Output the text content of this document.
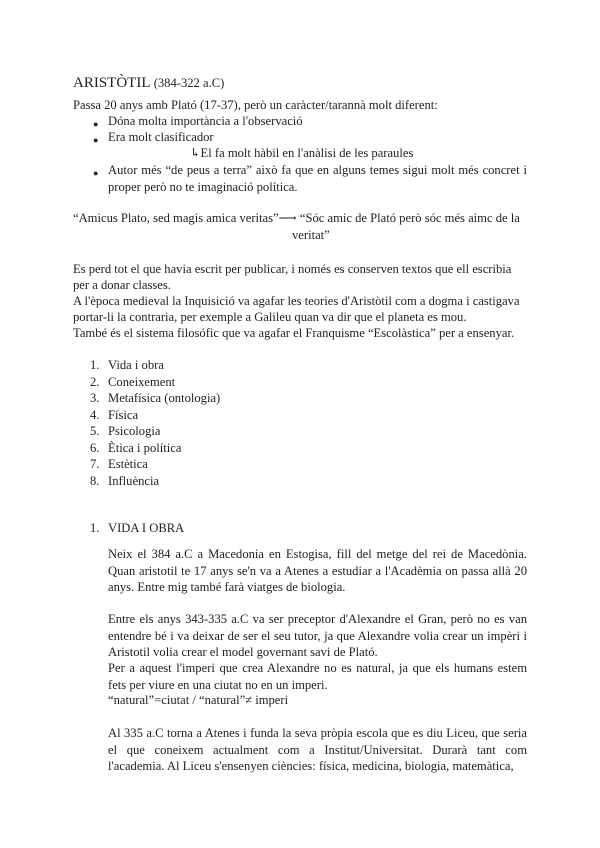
ARISTÒTIL (384-322 a.C)

Passa 20 anys amb Plató (17-37), però un caràcter/tarannà molt diferent:

● Dóna molta importància a l'observació

● Era molt clasificador

↳El fa molt hàbil en l'anàlisi de les paraules

● Autor més “de peus a terra” això fa que en alguns temes sigui molt més concret i proper però no te imaginació política.

“Amicus Plato, sed magis amica veritas”⟶ “Sóc amic de Plató però sóc més aimc de la

veritat”

Es perd tot el que havia escrit per publicar, i només es conserven textos que ell escribia

per a donar classes.

A l'època medieval la Inquisició va agafar les teories d'Aristòtil com a dogma i castigava

portar-li la contraria, per exemple a Galileu quan va dir que el planeta es mou.

També és el sistema filosófic que va agafar el Franquisme “Escolàstica” per a ensenyar.

1. Vida i obra
2. Coneixement
3. Metafísica (ontologia)
4. Física
5. Psicologia
6. Ètica i política
7. Estètica
8. Influència

1. VIDA I OBRA

Neix el 384 a.C a Macedonia en Estogisa, fill del metge del rei de Macedònia. Quan aristotil te 17 anys se'n va a Atenes a estudiar a l'Acadèmia on passa allà 20 anys. Entre mig també farà viatges de biologia.

Entre els anys 343-335 a.C va ser preceptor d'Alexandre el Gran, però no es van entendre bé i va deixar de ser el seu tutor, ja que Alexandre volia crear un impèri i Aristotil volia crear el model governant savi de Plató.

Per a aquest l'imperi que crea Alexandre no es natural, ja que els humans estem fets per viure en una ciutat no en un imperi.

“natural”=ciutat / “natural”≠ imperi

Al 335 a.C torna a Atenes i funda la seva pròpia escola que es diu Liceu, que seria el que coneixem actualment com a Institut/Universitat. Durarà tant com l'academia. Al Liceu s'ensenyen ciències: física, medicina, biologia, matemàtica,
